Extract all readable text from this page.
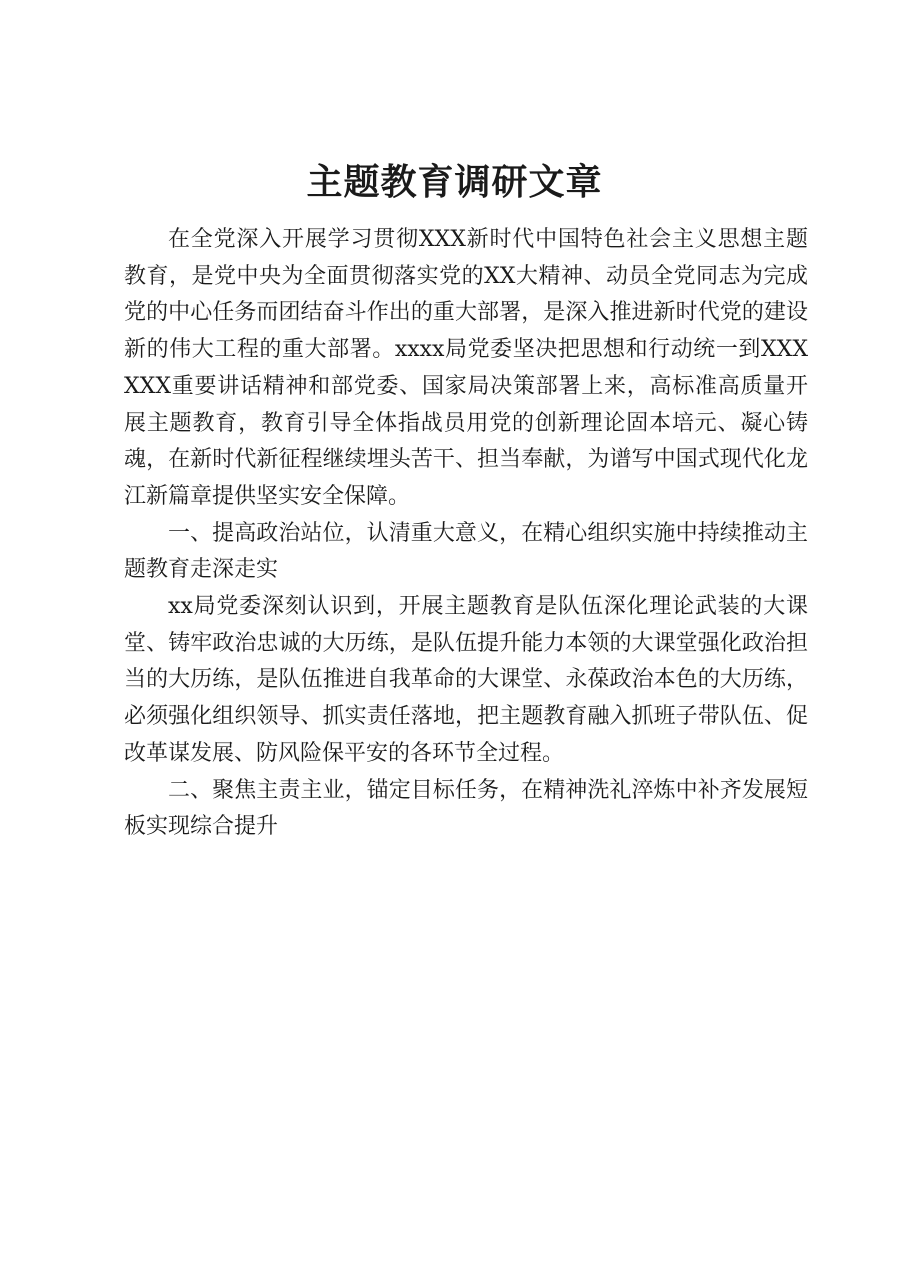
主题教育调研文章

在全党深入开展学习贯彻XXX新时代中国特色社会主义思想主题教育，是党中央为全面贯彻落实党的XX大精神、动员全党同志为完成党的中心任务而团结奋斗作出的重大部署，是深入推进新时代党的建设新的伟大工程的重大部署。xxxx局党委坚决把思想和行动统一到XXXXXX重要讲话精神和部党委、国家局决策部署上来，高标准高质量开展主题教育，教育引导全体指战员用党的创新理论固本培元、凝心铸魂，在新时代新征程继续埋头苦干、担当奉献，为谱写中国式现代化龙江新篇章提供坚实安全保障。

一、提高政治站位，认清重大意义，在精心组织实施中持续推动主题教育走深走实

xx局党委深刻认识到，开展主题教育是队伍深化理论武装的大课堂、铸牢政治忠诚的大历练，是队伍提升能力本领的大课堂强化政治担当的大历练，是队伍推进自我革命的大课堂、永葆政治本色的大历练，必须强化组织领导、抓实责任落地，把主题教育融入抓班子带队伍、促改革谋发展、防风险保平安的各环节全过程。

二、聚焦主责主业，锚定目标任务，在精神洗礼淬炼中补齐发展短板实现综合提升
